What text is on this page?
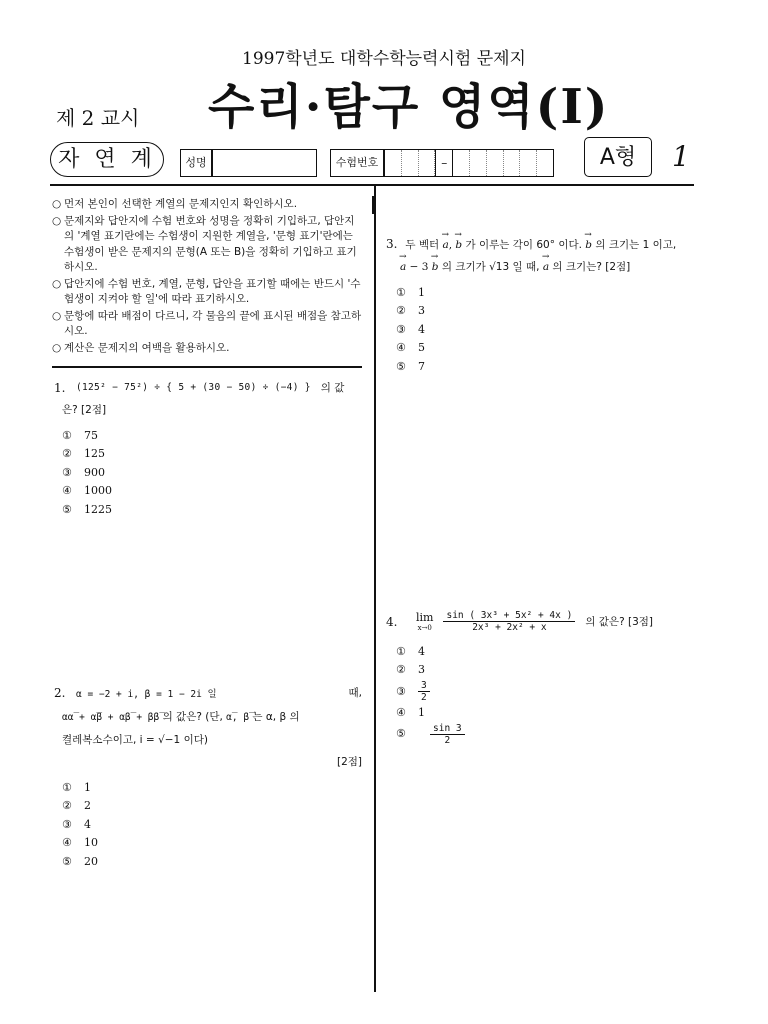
1997학년도 대학수학능력시험 문제지
제 2 교시 수리·탐구 영역(Ⅰ)
자 연 계	성명	수험번호	–	A형	1
○ 먼저 본인이 선택한 계열의 문제지인지 확인하시오.
○ 문제지와 답안지에 수험 번호와 성명을 정확히 기입하고, 답안지의 '계열 표기란에는 수험생이 지원한 계열을, '문형 표기'란에는 수험생이 받은 문제지의 문형(A 또는 B)을 정확히 기입하고 표기하시오.
○ 답안지에 수험 번호, 계열, 문형, 답안을 표기할 때에는 반드시 '수험생이 지켜야 할 일'에 따라 표기하시오.
○ 문항에 따라 배점이 다르니, 각 물음의 끝에 표시된 배점을 참고하시오.
○ 계산은 문제지의 여백을 활용하시오.
1.	(125² − 75²) ÷ { 5 + (30 − 50) ÷ (−4) } 의 값
은? [2점]
①	75
②	125
③	900
④	1000
⑤	1225
2. α = −2 + i, β = 1 − 2i 일	때,
αα̅ + α̅β + αβ̅ + ββ̅ 의 값은? (단, α̅, β̅ 는 α, β 의
켤레복소수이고, i = √−1 이다)
[2점]
①	1
②	2
③	4
④	10
⑤	20
3. 두 벡터 → a, → b 가 이루는 각이 60° 이다. → b 의 크기는 1 이고,
→ a − 3 → b 의 크기가 √13 일 때, → a 의 크기는? [2점]
①	1
②	3
③	4
④	5
⑤	7
4.	lim
$x\to 0 \frac{\text{sin ( 3x³ + 5x² + 4x )}}{\text{2x³ + 2x² + x}}$ 의 값은? [3점]
①	4
②	3
③	$\frac{3}{2}$
④	1
⑤	$\frac{\sin 3}{2}$
